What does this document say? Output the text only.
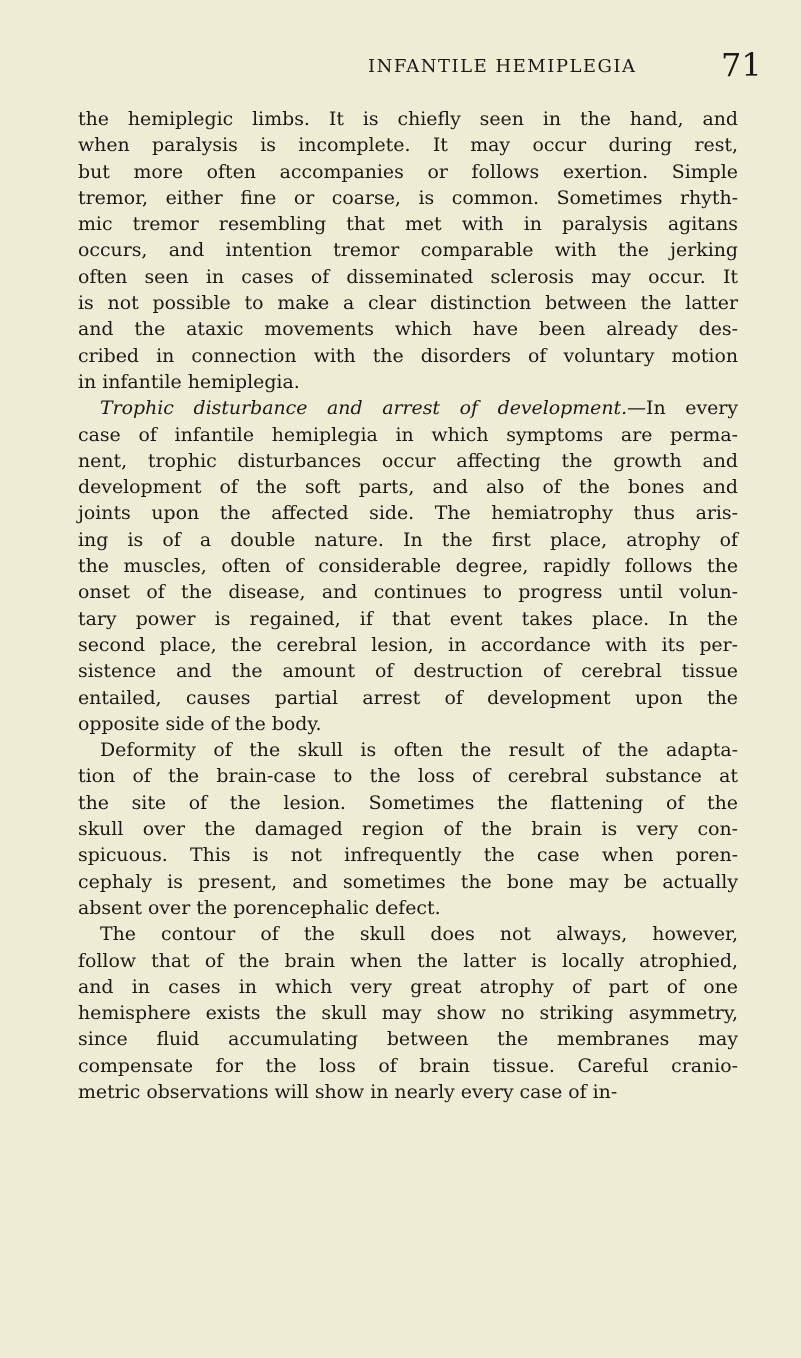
INFANTILE HEMIPLEGIA	71
the hemiplegic limbs. It is chiefly seen in the hand, and
when paralysis is incomplete. It may occur during rest,
but more often accompanies or follows exertion. Simple
tremor, either fine or coarse, is common. Sometimes rhyth-
mic tremor resembling that met with in paralysis agitans
occurs, and intention tremor comparable with the jerking
often seen in cases of disseminated sclerosis may occur. It
is not possible to make a clear distinction between the latter
and the ataxic movements which have been already des-
cribed in connection with the disorders of voluntary motion
in infantile hemiplegia.
Trophic disturbance and arrest of development.—In every
case of infantile hemiplegia in which symptoms are perma-
nent, trophic disturbances occur affecting the growth and
development of the soft parts, and also of the bones and
joints upon the affected side. The hemiatrophy thus aris-
ing is of a double nature. In the first place, atrophy of
the muscles, often of considerable degree, rapidly follows the
onset of the disease, and continues to progress until volun-
tary power is regained, if that event takes place. In the
second place, the cerebral lesion, in accordance with its per-
sistence and the amount of destruction of cerebral tissue
entailed, causes partial arrest of development upon the
opposite side of the body.
Deformity of the skull is often the result of the adapta-
tion of the brain-case to the loss of cerebral substance at
the site of the lesion. Sometimes the flattening of the
skull over the damaged region of the brain is very con-
spicuous. This is not infrequently the case when poren-
cephaly is present, and sometimes the bone may be actually
absent over the porencephalic defect.
The contour of the skull does not always, however,
follow that of the brain when the latter is locally atrophied,
and in cases in which very great atrophy of part of one
hemisphere exists the skull may show no striking asymmetry,
since fluid accumulating between the membranes may
compensate for the loss of brain tissue. Careful cranio-
metric observations will show in nearly every case of in-
